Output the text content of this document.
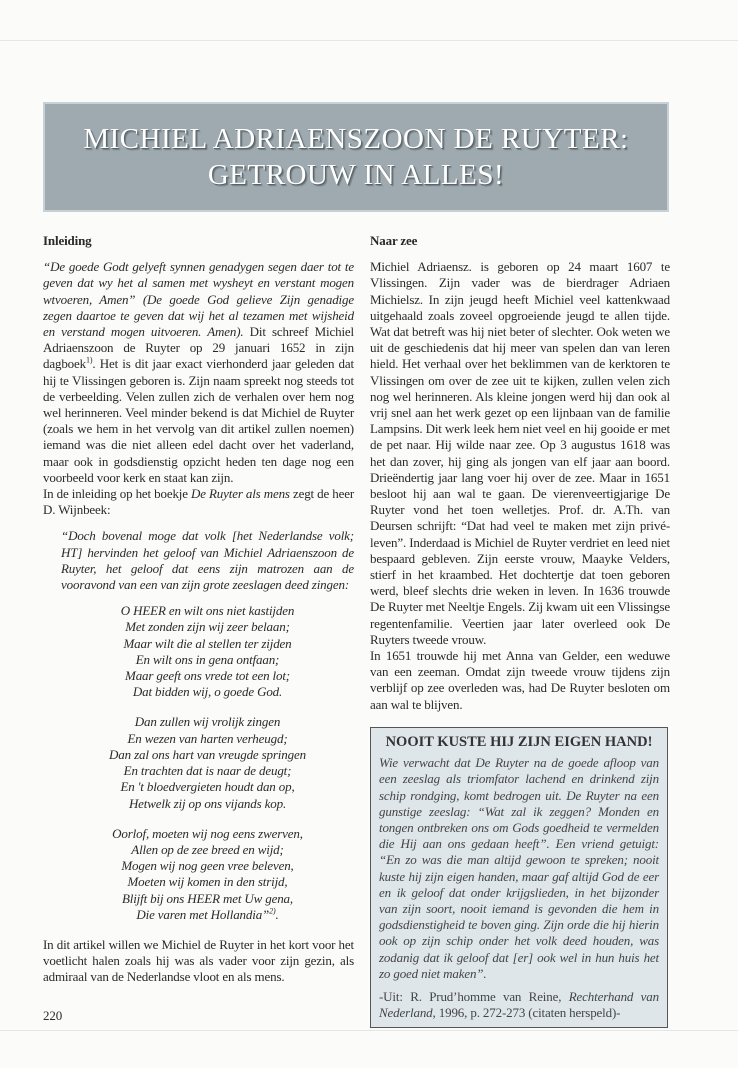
MICHIEL ADRIAENSZOON DE RUYTER:
GETROUW IN ALLES!
Inleiding

“De goede Godt gelyeft synnen genadygen segen daer tot te geven dat wy het al samen met wysheyt en verstant mogen wtvoeren, Amen” (De goede God gelieve Zijn genadige zegen daartoe te geven dat wij het al tezamen met wijsheid en verstand mogen uitvoeren. Amen). Dit schreef Michiel Adriaenszoon de Ruyter op 29 januari 1652 in zijn dagboek$^{1)}$. Het is dit jaar exact vierhonderd jaar geleden dat hij te Vlissingen geboren is. Zijn naam spreekt nog steeds tot de verbeelding. Velen zullen zich de verhalen over hem nog wel herinneren. Veel minder bekend is dat Michiel de Ruyter (zoals we hem in het vervolg van dit artikel zullen noemen) iemand was die niet alleen edel dacht over het vaderland, maar ook in godsdienstig opzicht heden ten dage nog een voorbeeld voor kerk en staat kan zijn.

In de inleiding op het boekje De Ruyter als mens zegt de heer D. Wijnbeek:

“Doch bovenal moge dat volk [het Nederlandse volk; HT] hervinden het geloof van Michiel Adriaenszoon de Ruyter, het geloof dat eens zijn matrozen aan de vooravond van een van zijn grote zeeslagen deed zingen:

O HEER en wilt ons niet kastijden
Met zonden zijn wij zeer belaan;
Maar wilt die al stellen ter zijden
En wilt ons in gena ontfaan;
Maar geeft ons vrede tot een lot;
Dat bidden wij, o goede God.
Dan zullen wij vrolijk zingen
En wezen van harten verheugd;
Dan zal ons hart van vreugde springen
En trachten dat is naar de deugt;
En 't bloedvergieten houdt dan op,
Hetwelk zij op ons vijands kop.
Oorlof, moeten wij nog eens zwerven,
Allen op de zee breed en wijd;
Mogen wij nog geen vree beleven,
Moeten wij komen in den strijd,
Blijft bij ons HEER met Uw gena,
Die varen met Hollandia”$^{2)}$.

In dit artikel willen we Michiel de Ruyter in het kort voor het voetlicht halen zoals hij was als vader voor zijn gezin, als admiraal van de Nederlandse vloot en als mens.

220
Naar zee

Michiel Adriaensz. is geboren op 24 maart 1607 te Vlissingen. Zijn vader was de bierdrager Adriaen Michielsz. In zijn jeugd heeft Michiel veel kattenkwaad uitgehaald zoals zoveel opgroeiende jeugd te allen tijde. Wat dat betreft was hij niet beter of slechter. Ook weten we uit de geschiedenis dat hij meer van spelen dan van leren hield. Het verhaal over het beklimmen van de kerktoren te Vlissingen om over de zee uit te kijken, zullen velen zich nog wel herinneren. Als kleine jongen werd hij dan ook al vrij snel aan het werk gezet op een lijnbaan van de familie Lampsins. Dit werk leek hem niet veel en hij gooide er met de pet naar. Hij wilde naar zee. Op 3 augustus 1618 was het dan zover, hij ging als jongen van elf jaar aan boord. Drieëndertig jaar lang voer hij over de zee. Maar in 1651 besloot hij aan wal te gaan. De vierenveertigjarige De Ruyter vond het toen welletjes. Prof. dr. A.Th. van Deursen schrijft: “Dat had veel te maken met zijn privé-leven”. Inderdaad is Michiel de Ruyter verdriet en leed niet bespaard gebleven. Zijn eerste vrouw, Maayke Velders, stierf in het kraambed. Het dochtertje dat toen geboren werd, bleef slechts drie weken in leven. In 1636 trouwde De Ruyter met Neeltje Engels. Zij kwam uit een Vlissingse regentenfamilie. Veertien jaar later overleed ook De Ruyters tweede vrouw.

In 1651 trouwde hij met Anna van Gelder, een weduwe van een zeeman. Omdat zijn tweede vrouw tijdens zijn verblijf op zee overleden was, had De Ruyter besloten om aan wal te blijven.

NOOIT KUSTE HIJ ZIJN EIGEN HAND!
Wie verwacht dat De Ruyter na de goede afloop van een zeeslag als triomfator lachend en drinkend zijn schip rondging, komt bedrogen uit. De Ruyter na een gunstige zeeslag: “Wat zal ik zeggen? Monden en tongen ontbreken ons om Gods goedheid te vermelden die Hij aan ons gedaan heeft”. Een vriend getuigt: “En zo was die man altijd gewoon te spreken; nooit kuste hij zijn eigen handen, maar gaf altijd God de eer en ik geloof dat onder krijgslieden, in het bijzonder van zijn soort, nooit iemand is gevonden die hem in godsdienstigheid te boven ging. Zijn orde die hij hierin ook op zijn schip onder het volk deed houden, was zodanig dat ik geloof dat [er] ook wel in hun huis het zo goed niet maken”.
-Uit: R. Prud’homme van Reine, Rechterhand van Nederland, 1996, p. 272-273 (citaten herspeld)-
